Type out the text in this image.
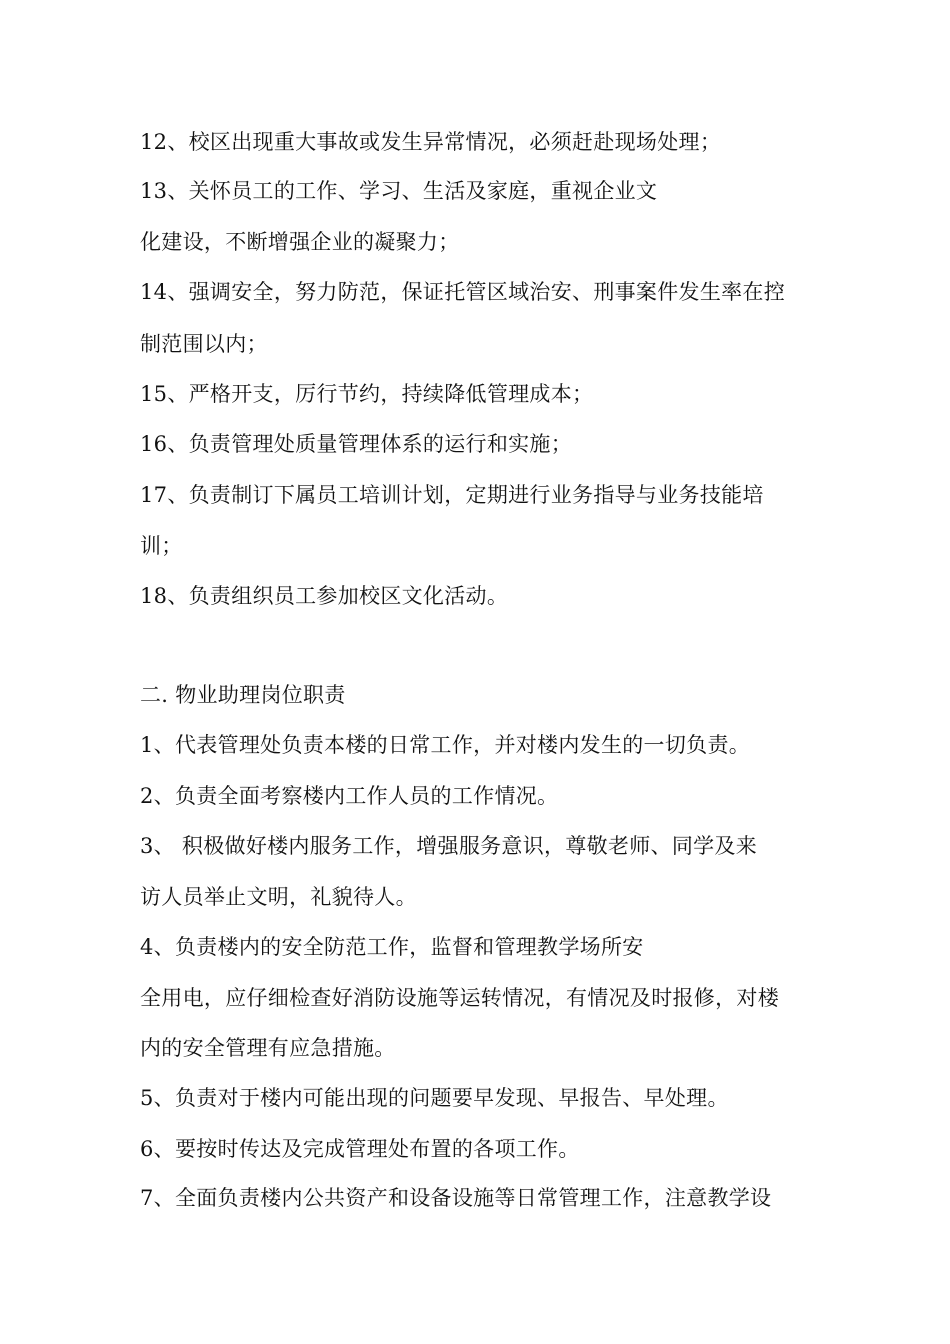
12、校区出现重大事故或发生异常情况，必须赶赴现场处理；
13、关怀员工的工作、学习、生活及家庭，重视企业文
化建设，不断增强企业的凝聚力；
14、强调安全，努力防范，保证托管区域治安、刑事案件发生率在控
制范围以内；
15、严格开支，厉行节约，持续降低管理成本；
16、负责管理处质量管理体系的运行和实施；
17、负责制订下属员工培训计划，定期进行业务指导与业务技能培
训；
18、负责组织员工参加校区文化活动。
二. 物业助理岗位职责
1、代表管理处负责本楼的日常工作，并对楼内发生的一切负责。
2、负责全面考察楼内工作人员的工作情况。
3、 积极做好楼内服务工作，增强服务意识，尊敬老师、同学及来
访人员举止文明，礼貌待人。
4、负责楼内的安全防范工作，监督和管理教学场所安
全用电，应仔细检查好消防设施等运转情况，有情况及时报修，对楼
内的安全管理有应急措施。
5、负责对于楼内可能出现的问题要早发现、早报告、早处理。
6、要按时传达及完成管理处布置的各项工作。
7、全面负责楼内公共资产和设备设施等日常管理工作，注意教学设
